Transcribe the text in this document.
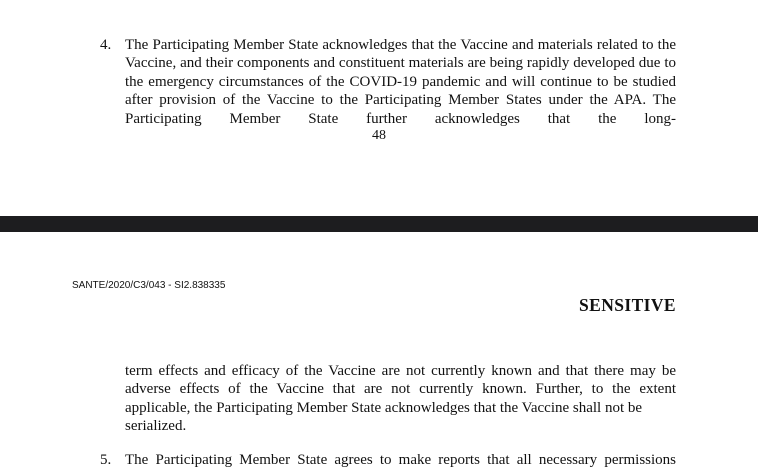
4. The Participating Member State acknowledges that the Vaccine and materials related to the Vaccine, and their components and constituent materials are being rapidly developed due to the emergency circumstances of the COVID-19 pandemic and will continue to be studied after provision of the Vaccine to the Participating Member States under the APA. The Participating Member State further acknowledges that the long-
48
SANTE/2020/C3/043 - SI2.838335
SENSITIVE
term effects and efficacy of the Vaccine are not currently known and that there may be adverse effects of the Vaccine that are not currently known. Further, to the extent applicable, the Participating Member State acknowledges that the Vaccine shall not be
serialized.
5. The Participating Member State agrees to make reports that all necessary permissions
